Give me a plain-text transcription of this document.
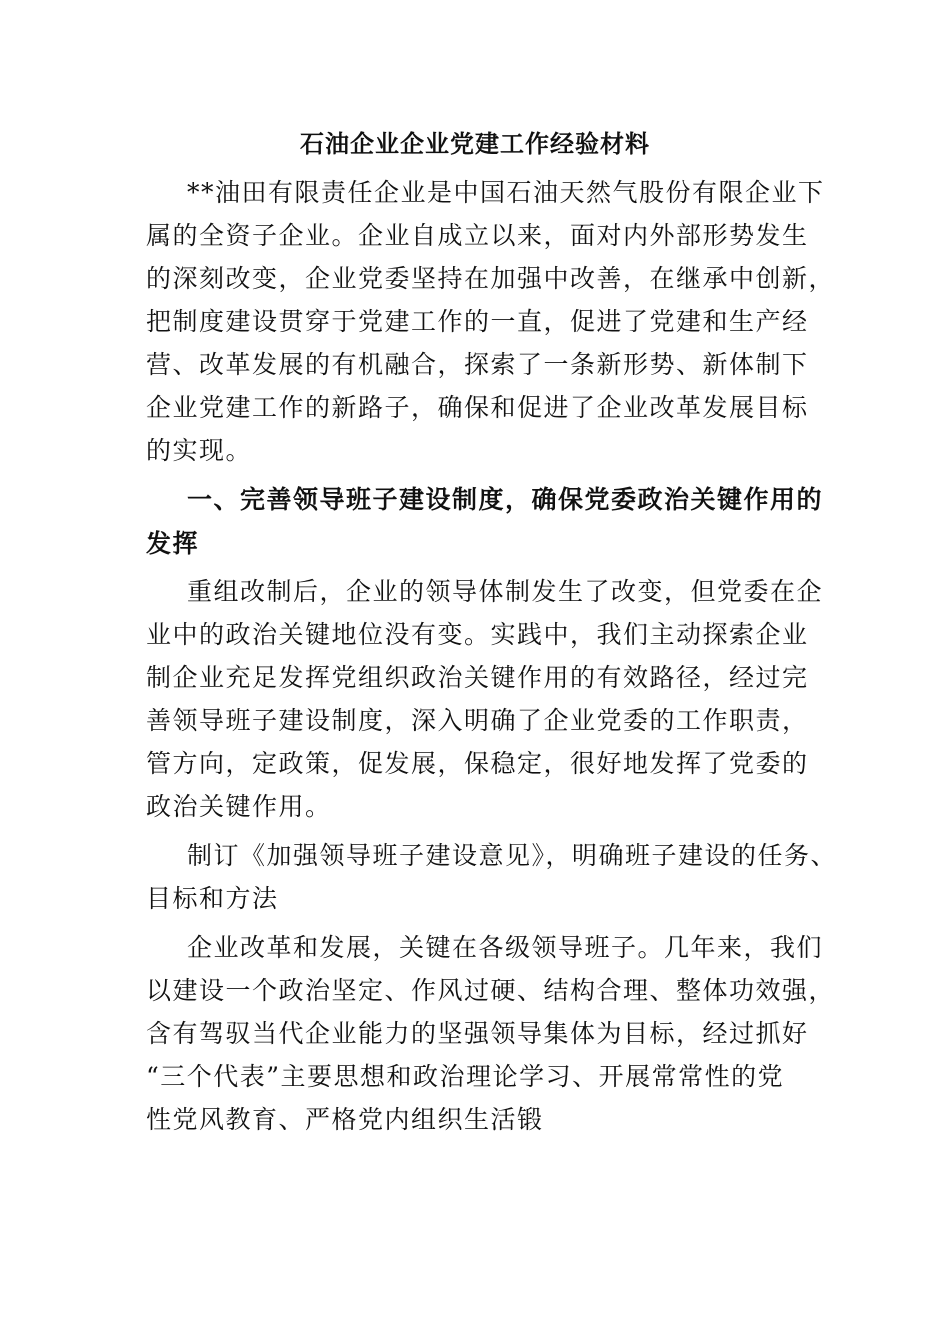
石油企业企业党建工作经验材料
**油田有限责任企业是中国石油天然气股份有限企业下
属的全资子企业。企业自成立以来，面对内外部形势发生
的深刻改变，企业党委坚持在加强中改善，在继承中创新，
把制度建设贯穿于党建工作的一直，促进了党建和生产经
营、改革发展的有机融合，探索了一条新形势、新体制下
企业党建工作的新路子，确保和促进了企业改革发展目标
的实现。
一、完善领导班子建设制度，确保党委政治关键作用的
发挥
重组改制后，企业的领导体制发生了改变，但党委在企
业中的政治关键地位没有变。实践中，我们主动探索企业
制企业充足发挥党组织政治关键作用的有效路径，经过完
善领导班子建设制度，深入明确了企业党委的工作职责，
管方向，定政策，促发展，保稳定，很好地发挥了党委的
政治关键作用。
制订《加强领导班子建设意见》，明确班子建设的任务、
目标和方法
企业改革和发展，关键在各级领导班子。几年来，我们
以建设一个政治坚定、作风过硬、结构合理、整体功效强，
含有驾驭当代企业能力的坚强领导集体为目标，经过抓好
“三个代表”主要思想和政治理论学习、开展常常性的党
性党风教育、严格党内组织生活锻
